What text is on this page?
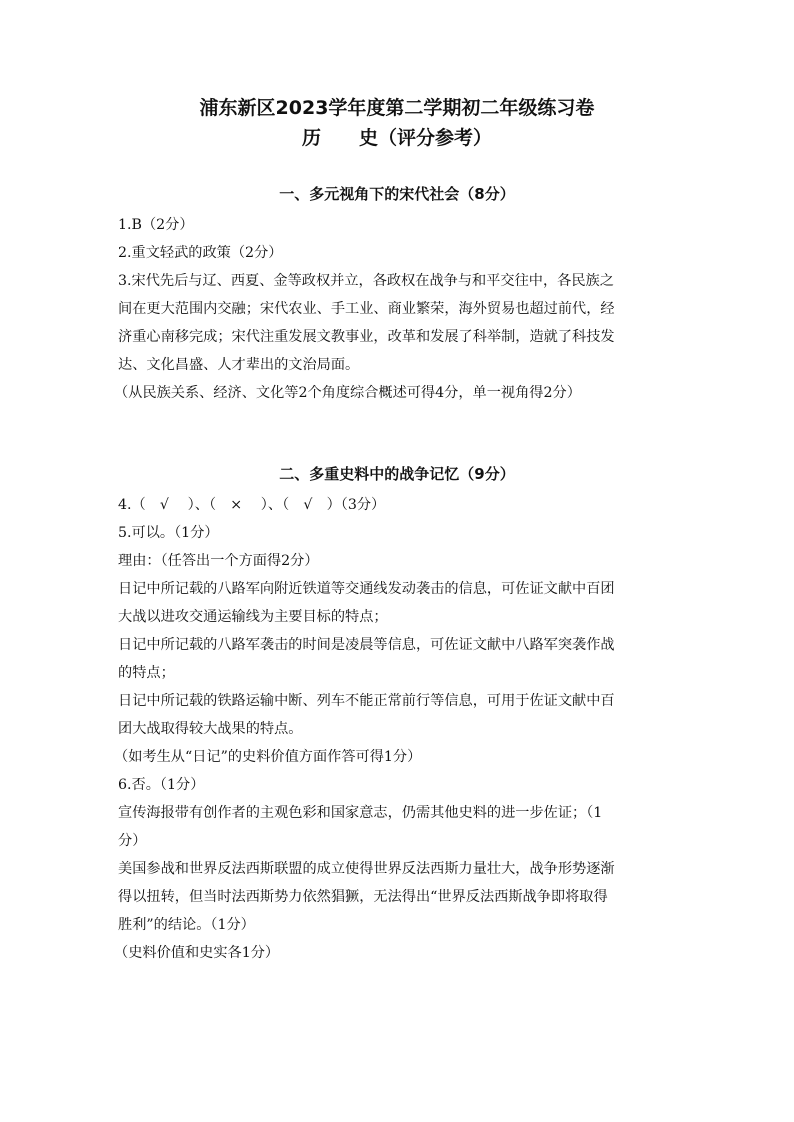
浦东新区2023学年度第二学期初二年级练习卷
历　　史（评分参考）
一、多元视角下的宋代社会（8分）
1.B（2分）
2.重文轻武的政策（2分）
3.宋代先后与辽、西夏、金等政权并立，各政权在战争与和平交往中，各民族之
间在更大范围内交融；宋代农业、手工业、商业繁荣，海外贸易也超过前代，经
济重心南移完成；宋代注重发展文教事业，改革和发展了科举制，造就了科技发
达、文化昌盛、人才辈出的文治局面。
（从民族关系、经济、文化等2个角度综合概述可得4分，单一视角得2分）
二、多重史料中的战争记忆（9分）
4.（　√　 ）、（　×　 ）、（　√　）（3分）
5.可以。（1分）
理由：（任答出一个方面得2分）
日记中所记载的八路军向附近铁道等交通线发动袭击的信息，可佐证文献中百团
大战以进攻交通运输线为主要目标的特点；
日记中所记载的八路军袭击的时间是凌晨等信息，可佐证文献中八路军突袭作战
的特点；
日记中所记载的铁路运输中断、列车不能正常前行等信息，可用于佐证文献中百
团大战取得较大战果的特点。
（如考生从“日记”的史料价值方面作答可得1分）
6.否。（1分）
宣传海报带有创作者的主观色彩和国家意志，仍需其他史料的进一步佐证；（1
分）
美国参战和世界反法西斯联盟的成立使得世界反法西斯力量壮大，战争形势逐渐
得以扭转，但当时法西斯势力依然猖獗，无法得出“世界反法西斯战争即将取得
胜利”的结论。（1分）
（史料价值和史实各1分）
